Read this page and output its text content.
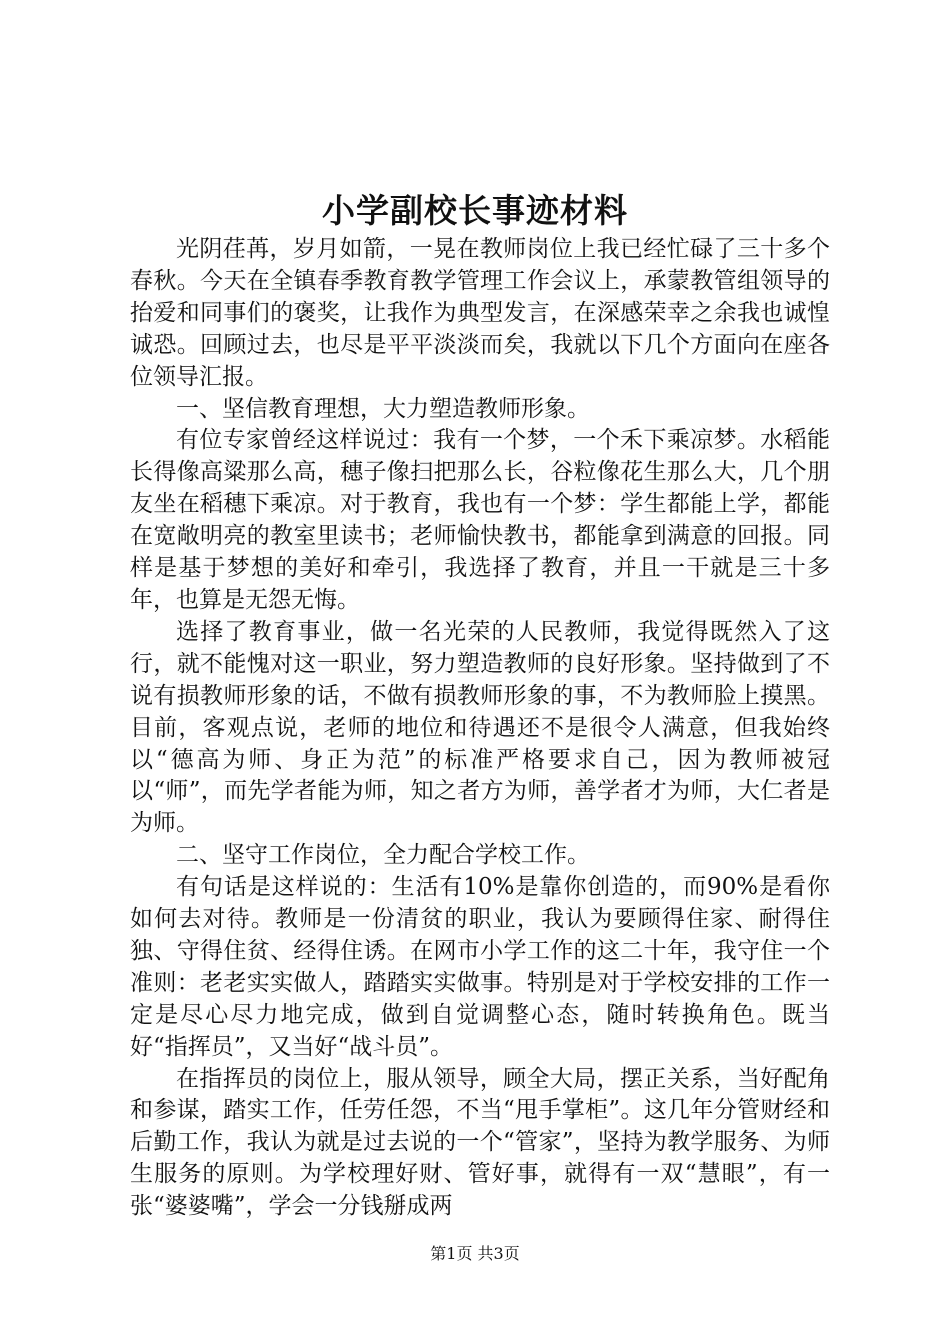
小学副校长事迹材料

光阴荏苒，岁月如箭，一晃在教师岗位上我已经忙碌了三十多个春秋。今天在全镇春季教育教学管理工作会议上，承蒙教管组领导的抬爱和同事们的褒奖，让我作为典型发言，在深感荣幸之余我也诚惶诚恐。回顾过去，也尽是平平淡淡而矣，我就以下几个方面向在座各位领导汇报。

一、坚信教育理想，大力塑造教师形象。

有位专家曾经这样说过：我有一个梦，一个禾下乘凉梦。水稻能长得像高粱那么高，穗子像扫把那么长，谷粒像花生那么大，几个朋友坐在稻穗下乘凉。对于教育，我也有一个梦：学生都能上学，都能在宽敞明亮的教室里读书；老师愉快教书，都能拿到满意的回报。同样是基于梦想的美好和牵引，我选择了教育，并且一干就是三十多年，也算是无怨无悔。

选择了教育事业，做一名光荣的人民教师，我觉得既然入了这行，就不能愧对这一职业，努力塑造教师的良好形象。坚持做到了不说有损教师形象的话，不做有损教师形象的事，不为教师脸上摸黑。目前，客观点说，老师的地位和待遇还不是很令人满意，但我始终以“德高为师、身正为范”的标准严格要求自己，因为教师被冠以“师”，而先学者能为师，知之者方为师，善学者才为师，大仁者是为师。

二、坚守工作岗位，全力配合学校工作。

有句话是这样说的：生活有10%是靠你创造的，而90%是看你如何去对待。教师是一份清贫的职业，我认为要顾得住家、耐得住独、守得住贫、经得住诱。在网市小学工作的这二十年，我守住一个准则：老老实实做人，踏踏实实做事。特别是对于学校安排的工作一定是尽心尽力地完成，做到自觉调整心态，随时转换角色。既当好“指挥员”，又当好“战斗员”。

在指挥员的岗位上，服从领导，顾全大局，摆正关系，当好配角和参谋，踏实工作，任劳任怨，不当“甩手掌柜”。这几年分管财经和后勤工作，我认为就是过去说的一个“管家”，坚持为教学服务、为师生服务的原则。为学校理好财、管好事，就得有一双“慧眼”，有一张“婆婆嘴”，学会一分钱掰成两

第1页 共3页
